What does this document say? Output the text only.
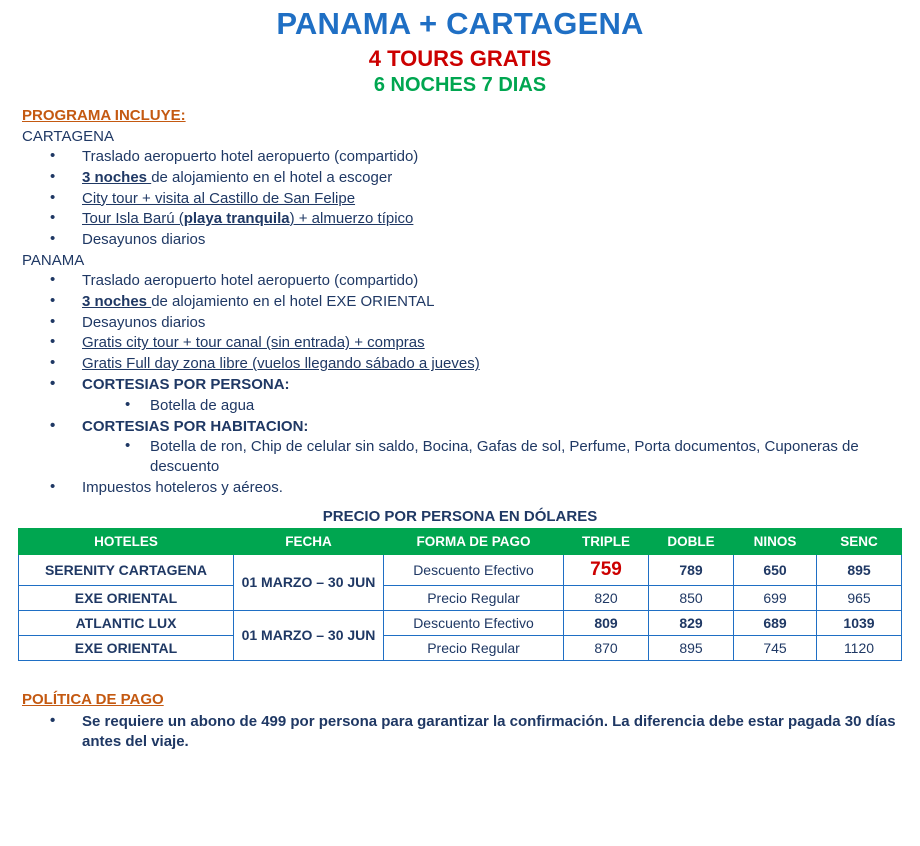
PANAMA + CARTAGENA
4 TOURS GRATIS
6 NOCHES 7 DIAS
PROGRAMA INCLUYE:
CARTAGENA
• Traslado aeropuerto hotel aeropuerto (compartido)
• 3 noches de alojamiento en el hotel a escoger
• City tour + visita al Castillo de San Felipe
• Tour Isla Barú (playa tranquila) + almuerzo típico
• Desayunos diarios
PANAMA
• Traslado aeropuerto hotel aeropuerto (compartido)
• 3 noches de alojamiento en el hotel EXE ORIENTAL
• Desayunos diarios
• Gratis city tour + tour canal (sin entrada) + compras
• Gratis Full day zona libre (vuelos llegando sábado a jueves)
• CORTESIAS POR PERSONA:
• Botella de agua
• CORTESIAS POR HABITACION:
• Botella de ron, Chip de celular sin saldo, Bocina, Gafas de sol, Perfume, Porta documentos, Cuponeras de descuento
• Impuestos hoteleros y aéreos.
PRECIO POR PERSONA EN DÓLARES
HOTELES	FECHA	FORMA DE PAGO	TRIPLE	DOBLE	NINOS	SENC
SERENITY CARTAGENA	01 MARZO – 30 JUN	Descuento Efectivo	759	789	650	895
EXE ORIENTAL		Precio Regular	820	850	699	965
ATLANTIC LUX	01 MARZO – 30 JUN	Descuento Efectivo	809	829	689	1039
EXE ORIENTAL		Precio Regular	870	895	745	1120
POLÍTICA DE PAGO
• Se requiere un abono de 499 por persona para garantizar la confirmación. La diferencia debe estar pagada 30 días antes del viaje.
